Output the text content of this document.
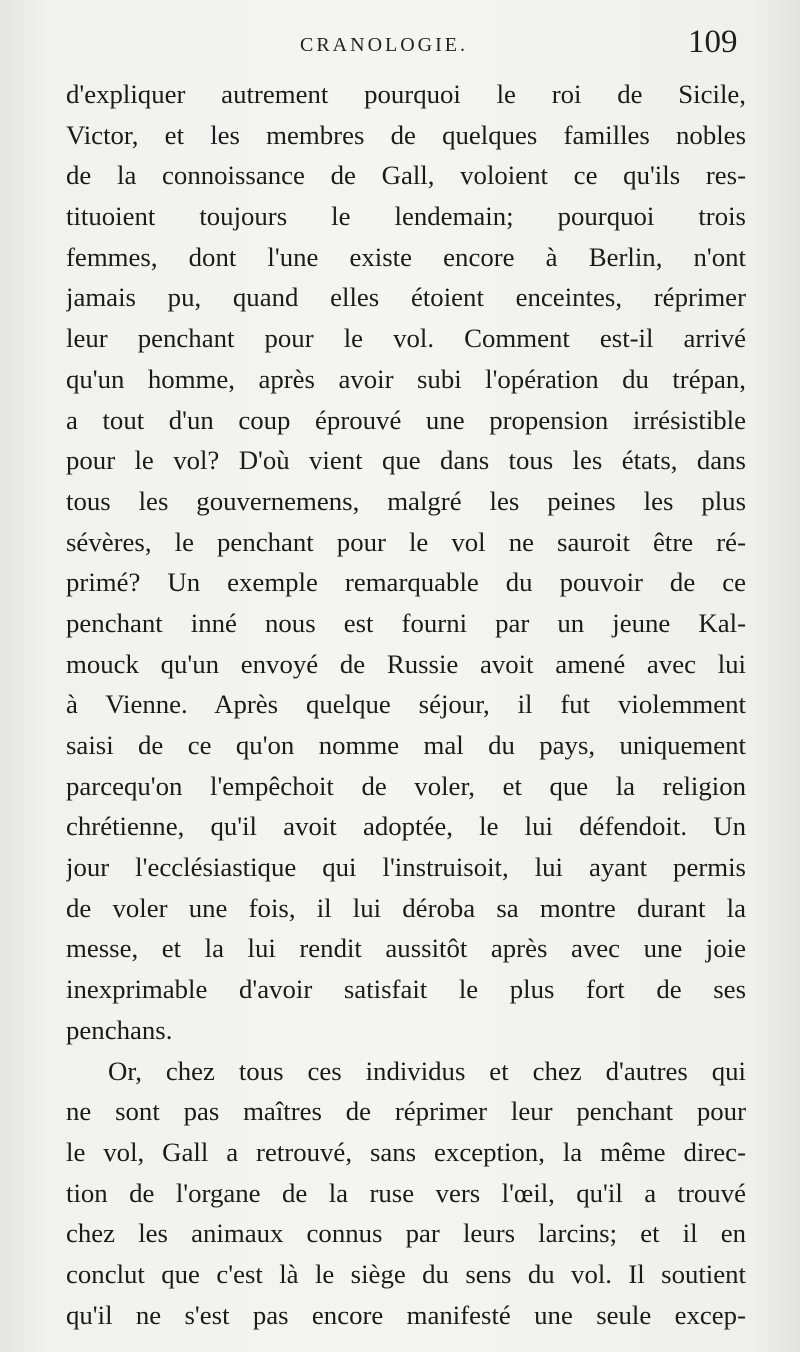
CRANOLOGIE.	109
d'expliquer autrement pourquoi le roi de Sicile,
Victor, et les membres de quelques familles nobles
de la connoissance de Gall, voloient ce qu'ils res-
tituoient toujours le lendemain; pourquoi trois
femmes, dont l'une existe encore à Berlin, n'ont
jamais pu, quand elles étoient enceintes, réprimer
leur penchant pour le vol. Comment est-il arrivé
qu'un homme, après avoir subi l'opération du trépan,
a tout d'un coup éprouvé une propension irrésistible
pour le vol? D'où vient que dans tous les états, dans
tous les gouvernemens, malgré les peines les plus
sévères, le penchant pour le vol ne sauroit être ré-
primé? Un exemple remarquable du pouvoir de ce
penchant inné nous est fourni par un jeune Kal-
mouck qu'un envoyé de Russie avoit amené avec lui
à Vienne. Après quelque séjour, il fut violemment
saisi de ce qu'on nomme mal du pays, uniquement
parcequ'on l'empêchoit de voler, et que la religion
chrétienne, qu'il avoit adoptée, le lui défendoit. Un
jour l'ecclésiastique qui l'instruisoit, lui ayant permis
de voler une fois, il lui déroba sa montre durant la
messe, et la lui rendit aussitôt après avec une joie
inexprimable d'avoir satisfait le plus fort de ses
penchans.
Or, chez tous ces individus et chez d'autres qui
ne sont pas maîtres de réprimer leur penchant pour
le vol, Gall a retrouvé, sans exception, la même direc-
tion de l'organe de la ruse vers l'œil, qu'il a trouvé
chez les animaux connus par leurs larcins; et il en
conclut que c'est là le siège du sens du vol. Il soutient
qu'il ne s'est pas encore manifesté une seule excep-
